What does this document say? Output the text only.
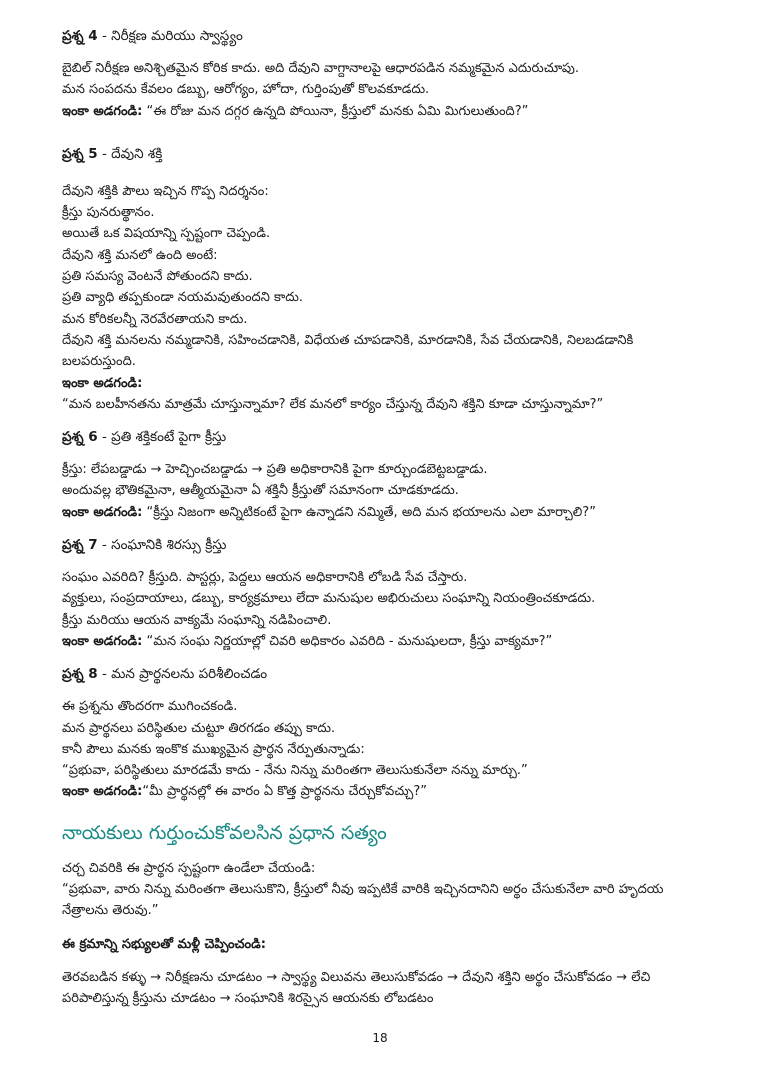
ప్రశ్న 4 - నిరీక్షణ మరియు స్వాస్థ్యం
బైబిల్ నిరీక్షణ అనిశ్చితమైన కోరిక కాదు. అది దేవుని వాగ్దానాలపై ఆధారపడిన నమ్మకమైన ఎదురుచూపు.
మన సంపదను కేవలం డబ్బు, ఆరోగ్యం, హోదా, గుర్తింపుతో కొలవకూడదు.
ఇంకా అడగండి: “ఈ రోజు మన దగ్గర ఉన్నది పోయినా, క్రీస్తులో మనకు ఏమి మిగులుతుంది?”
ప్రశ్న 5 - దేవుని శక్తి
దేవుని శక్తికి పౌలు ఇచ్చిన గొప్ప నిదర్శనం:
క్రీస్తు పునరుత్థానం.
అయితే ఒక విషయాన్ని స్పష్టంగా చెప్పండి.
దేవుని శక్తి మనలో ఉంది అంటే:
ప్రతి సమస్య వెంటనే పోతుందని కాదు.
ప్రతి వ్యాధి తప్పకుండా నయమవుతుందని కాదు.
మన కోరికలన్నీ నెరవేరతాయని కాదు.
దేవుని శక్తి మనలను నమ్మడానికి, సహించడానికి, విధేయత చూపడానికి, మారడానికి, సేవ చేయడానికి, నిలబడడానికి
బలపరుస్తుంది.
ఇంకా అడగండి:
“మన బలహీనతను మాత్రమే చూస్తున్నామా? లేక మనలో కార్యం చేస్తున్న దేవుని శక్తిని కూడా చూస్తున్నామా?”
ప్రశ్న 6 - ప్రతి శక్తికంటే పైగా క్రీస్తు
క్రీస్తు: లేపబడ్డాడు → హెచ్చించబడ్డాడు → ప్రతి అధికారానికి పైగా కూర్చుండబెట్టబడ్డాడు.
అందువల్ల భౌతికమైనా, ఆత్మీయమైనా ఏ శక్తినీ క్రీస్తుతో సమానంగా చూడకూడదు.
ఇంకా అడగండి: “క్రీస్తు నిజంగా అన్నిటికంటే పైగా ఉన్నాడని నమ్మితే, అది మన భయాలను ఎలా మార్చాలి?”
ప్రశ్న 7 - సంఘానికి శిరస్సు క్రీస్తు
సంఘం ఎవరిది? క్రీస్తుది. పాస్టర్లు, పెద్దలు ఆయన అధికారానికి లోబడి సేవ చేస్తారు.
వ్యక్తులు, సంప్రదాయాలు, డబ్బు, కార్యక్రమాలు లేదా మనుషుల అభిరుచులు సంఘాన్ని నియంత్రించకూడదు.
క్రీస్తు మరియు ఆయన వాక్యమే సంఘాన్ని నడిపించాలి.
ఇంకా అడగండి: “మన సంఘ నిర్ణయాల్లో చివరి అధికారం ఎవరిది - మనుషులదా, క్రీస్తు వాక్యమా?”
ప్రశ్న 8 - మన ప్రార్థనలను పరిశీలించడం
ఈ ప్రశ్నను తొందరగా ముగించకండి.
మన ప్రార్థనలు పరిస్థితుల చుట్టూ తిరగడం తప్పు కాదు.
కానీ పౌలు మనకు ఇంకొక ముఖ్యమైన ప్రార్థన నేర్పుతున్నాడు:
“ప్రభువా, పరిస్థితులు మారడమే కాదు - నేను నిన్ను మరింతగా తెలుసుకునేలా నన్ను మార్చు.”
ఇంకా అడగండి:“మీ ప్రార్థనల్లో ఈ వారం ఏ కొత్త ప్రార్థనను చేర్చుకోవచ్చు?”
నాయకులు గుర్తుంచుకోవలసిన ప్రధాన సత్యం
చర్చ చివరికి ఈ ప్రార్థన స్పష్టంగా ఉండేలా చేయండి:
“ప్రభువా, వారు నిన్ను మరింతగా తెలుసుకొని, క్రీస్తులో నీవు ఇప్పటికే వారికి ఇచ్చినదానిని అర్థం చేసుకునేలా వారి హృదయ
నేత్రాలను తెరువు.”
ఈ క్రమాన్ని సభ్యులతో మళ్లీ చెప్పించండి:
తెరవబడిన కళ్ళు → నిరీక్షణను చూడటం → స్వాస్థ్య విలువను తెలుసుకోవడం → దేవుని శక్తిని అర్థం చేసుకోవడం → లేచి
పరిపాలిస్తున్న క్రీస్తును చూడటం → సంఘానికి శిరస్సైన ఆయనకు లోబడటం
18
